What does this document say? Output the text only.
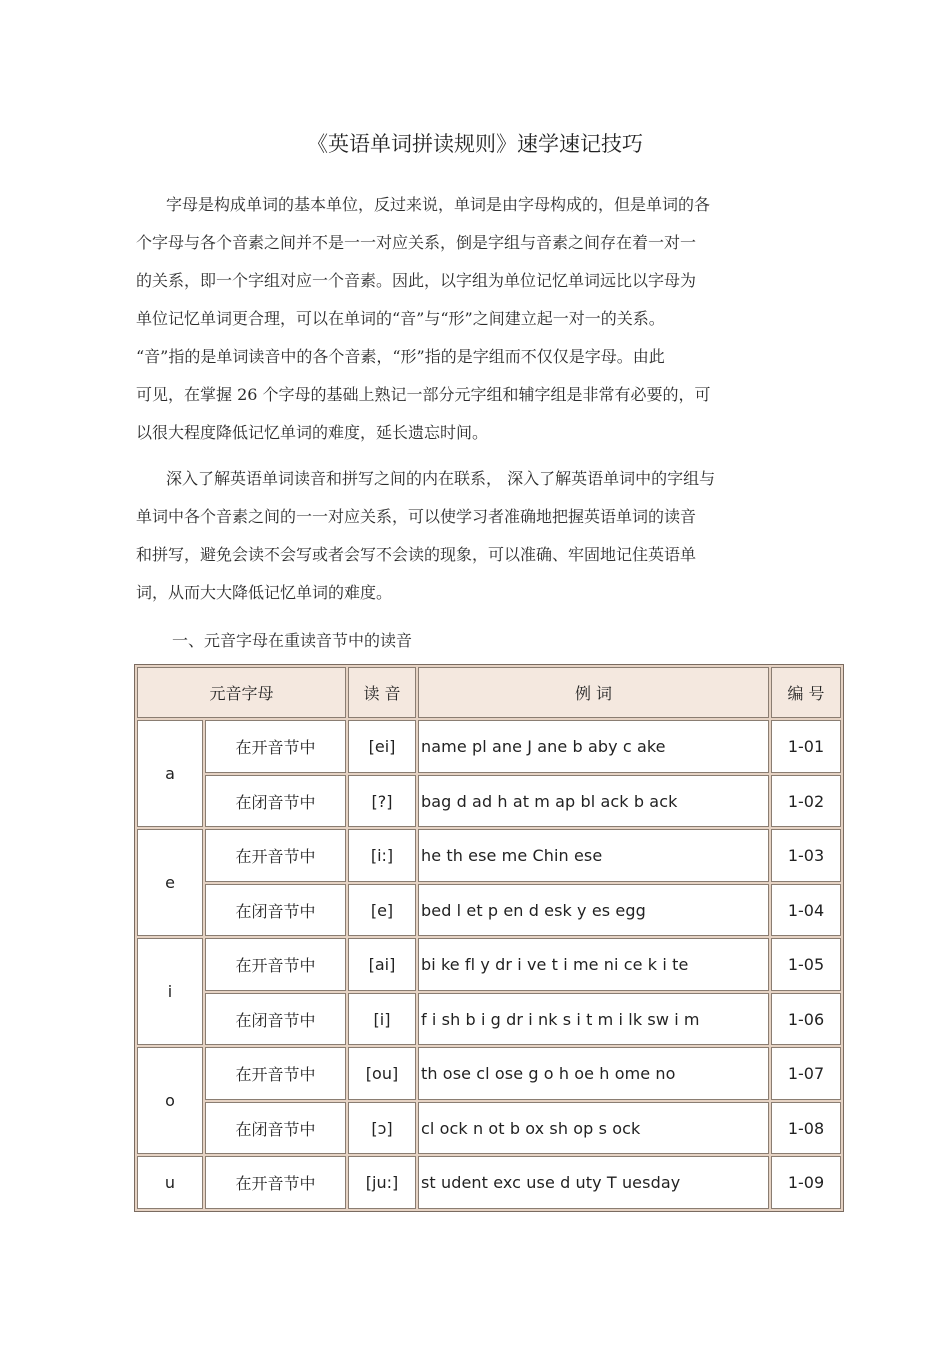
《英语单词拼读规则》速学速记技巧
字母是构成单词的基本单位，反过来说，单词是由字母构成的，但是单词的各
个字母与各个音素之间并不是一一对应关系，倒是字组与音素之间存在着一对一
的关系，即一个字组对应一个音素。因此，以字组为单位记忆单词远比以字母为
单位记忆单词更合理，可以在单词的“音”与“形”之间建立起一对一的关系。
“音”指的是单词读音中的各个音素，“形”指的是字组而不仅仅是字母。由此
可见，在掌握 26 个字母的基础上熟记一部分元字组和辅字组是非常有必要的，可
以很大程度降低记忆单词的难度，延长遗忘时间。
深入了解英语单词读音和拼写之间的内在联系， 深入了解英语单词中的字组与
单词中各个音素之间的一一对应关系，可以使学习者准确地把握英语单词的读音
和拼写，避免会读不会写或者会写不会读的现象，可以准确、牢固地记住英语单
词，从而大大降低记忆单词的难度。
一、元音字母在重读音节中的读音
元音字母	读 音	例 词	编 号
a
在开音节中	[ei]	name pl ane J ane b aby c ake	1-01
在闭音节中	[?]	bag d ad h at m ap bl ack b ack	1-02
e
在开音节中	[i:]	he th ese me Chin ese	1-03
在闭音节中	[e]	bed l et p en d esk y es egg	1-04
i
在开音节中	[ai]	bi ke fl y dr i ve t i me ni ce k i te	1-05
在闭音节中	[i]	f i sh b i g dr i nk s i t m i lk sw i m	1-06
o
在开音节中	[ou]	th ose cl ose g o h oe h ome no	1-07
在闭音节中	[ɔ]	cl ock n ot b ox sh op s ock	1-08
u	在开音节中	[ju:]	st udent exc use d uty T uesday	1-09
